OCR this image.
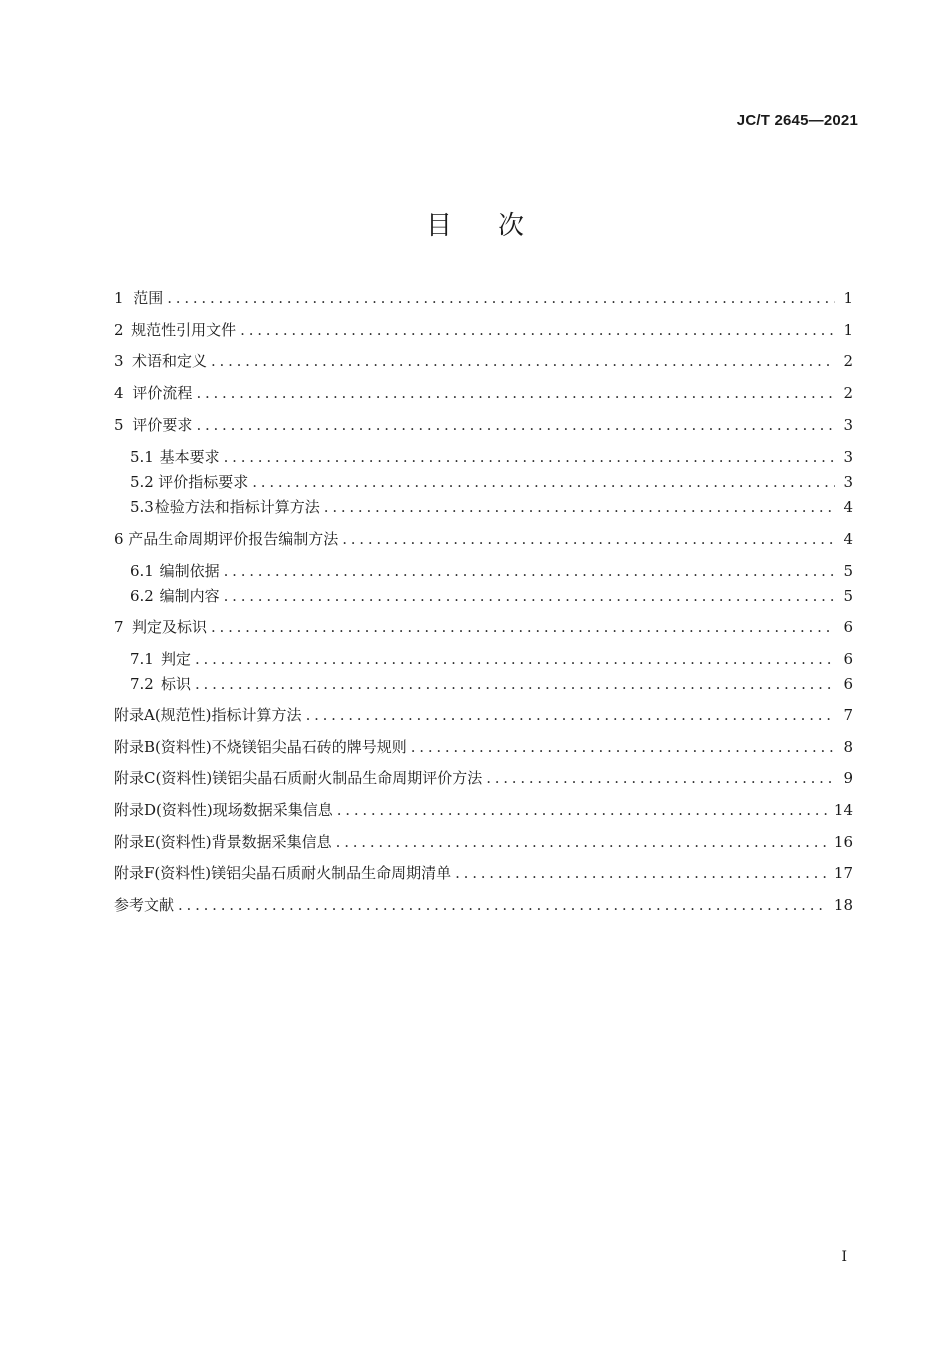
JC/T 2645—2021
目次
1 范围 . . .	1
2 规范性引用文件 . . .	1
3 术语和定义 . . .	2
4 评价流程 . . .	2
5 评价要求 . . .	3
5.1 基本要求 . . .	3
5.2 评价指标要求 . . .	3
5.3 检验方法和指标计算方法 . . .	4
6 产品生命周期评价报告编制方法 . . .	4
6.1 编制依据 . . .	5
6.2 编制内容 . . .	5
7 判定及标识 . . .	6
7.1 判定 . . .	6
7.2 标识 . . .	6
附录A(规范性) 指标计算方法 . . .	7
附录B(资料性) 不烧镁铝尖晶石砖的牌号规则 . . .	8
附录C(资料性) 镁铝尖晶石质耐火制品生命周期评价方法 . . .	9
附录D(资料性) 现场数据采集信息 . . .	14
附录E(资料性) 背景数据采集信息 . . .	16
附录F(资料性) 镁铝尖晶石质耐火制品生命周期清单 . . .	17
参考文献 . . .	18
I
